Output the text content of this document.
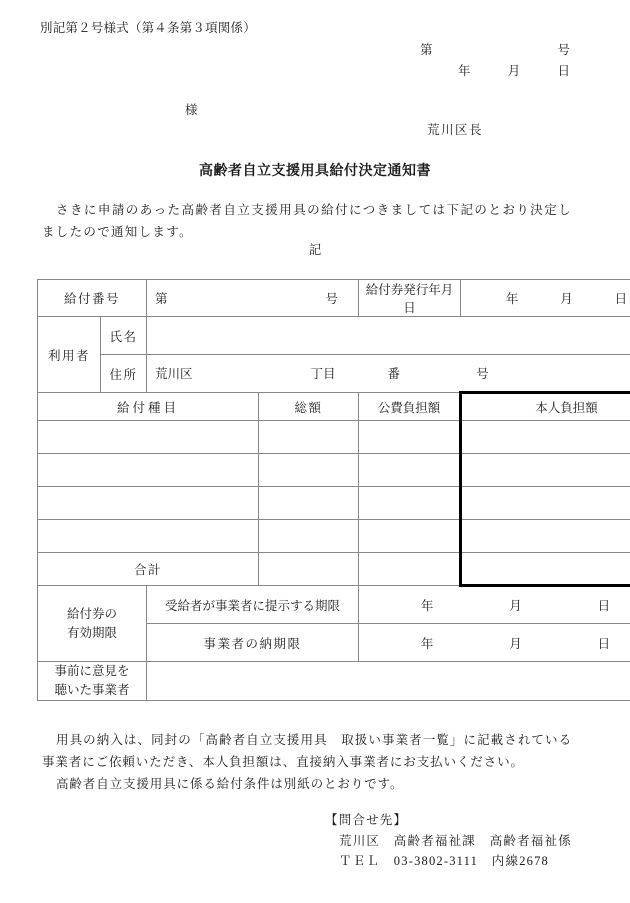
別記第２号様式（第４条第３項関係）
第	号
年	月	日
様
荒川区長
高齢者自立支援用具給付決定通知書
さきに申請のあった高齢者自立支援用具の給付につきましては下記のとおり決定しましたので通知します。
記
給付番号		第 号		給付券発行年月日	年 月 日

利用者	氏名				
	住所	荒川区 丁目 番 号			

給付種目			総額	公費負担額	本人負担額

合計					

給付券の
有効期限
	受給者が事業者に提示する期限	年	月	日

		事業者の納期限		年 月 日	

事前に意見を
聴いた事業者					

用具の納入は、同封の「高齢者自立支援用具　取扱い事業者一覧」に記載されている事業者にご依頼いただき、本人負担額は、直接納入事業者にお支払いください。

高齢者自立支援用具に係る給付条件は別紙のとおりです。

【問合せ先】
荒川区　高齢者福祉課　高齢者福祉係
ＴＥＬ　03-3802-3111　内線2678
